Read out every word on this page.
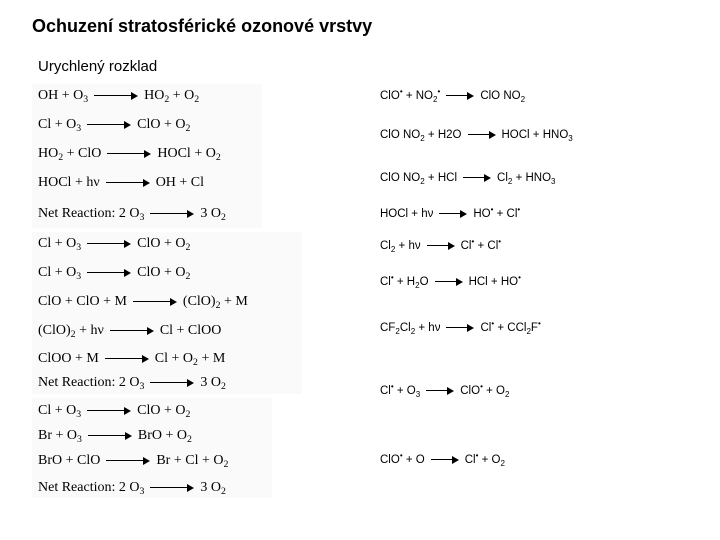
Ochuzení stratosférické ozonové vrstvy
Urychlený rozklad
OH + $O_3$	$HO_2 + O_2$
$Cl + O_3$	ClO + $O_2$
$HO_2$ + ClO	HOCl + $O_2$
HOCl + hν	OH + Cl
Net Reaction: 2 $O_3$	3 $O_2$
$Cl + O_3$	ClO + $O_2$
$Cl + O_3$	ClO + $O_2$
ClO + ClO + M	$(ClO)_2 + M$
$(ClO)_2 + h\nu$	Cl + ClOO
ClOO + M	$Cl + O_2 + M$
Net Reaction: 2 $O_3$	3 $O_2$
$Cl + O_3$	ClO + $O_2$
$Br + O_3$	BrO + $O_2$
BrO + ClO	$Br + Cl + O_2$
Net Reaction: 2 $O_3$	3 $O_2$
$ClO^• + NO_2^•$	ClO $NO_2$
ClO $NO_2 + H2O$	HOCl + $HNO_3$
ClO $NO_2$ + HCl	$Cl_2 + HNO_3$
HOCl + hν	HO• + Cl•
$Cl_2 + h\nu$	Cl• + Cl•
$Cl^• + H_2O$	HCl + HO•
$CF_2Cl_2 + h\nu$	Cl• + CCl$_2$F•
$Cl^• + O_3$	$ClO^• + O_2$
ClO• + O	$Cl^• + O_2$
